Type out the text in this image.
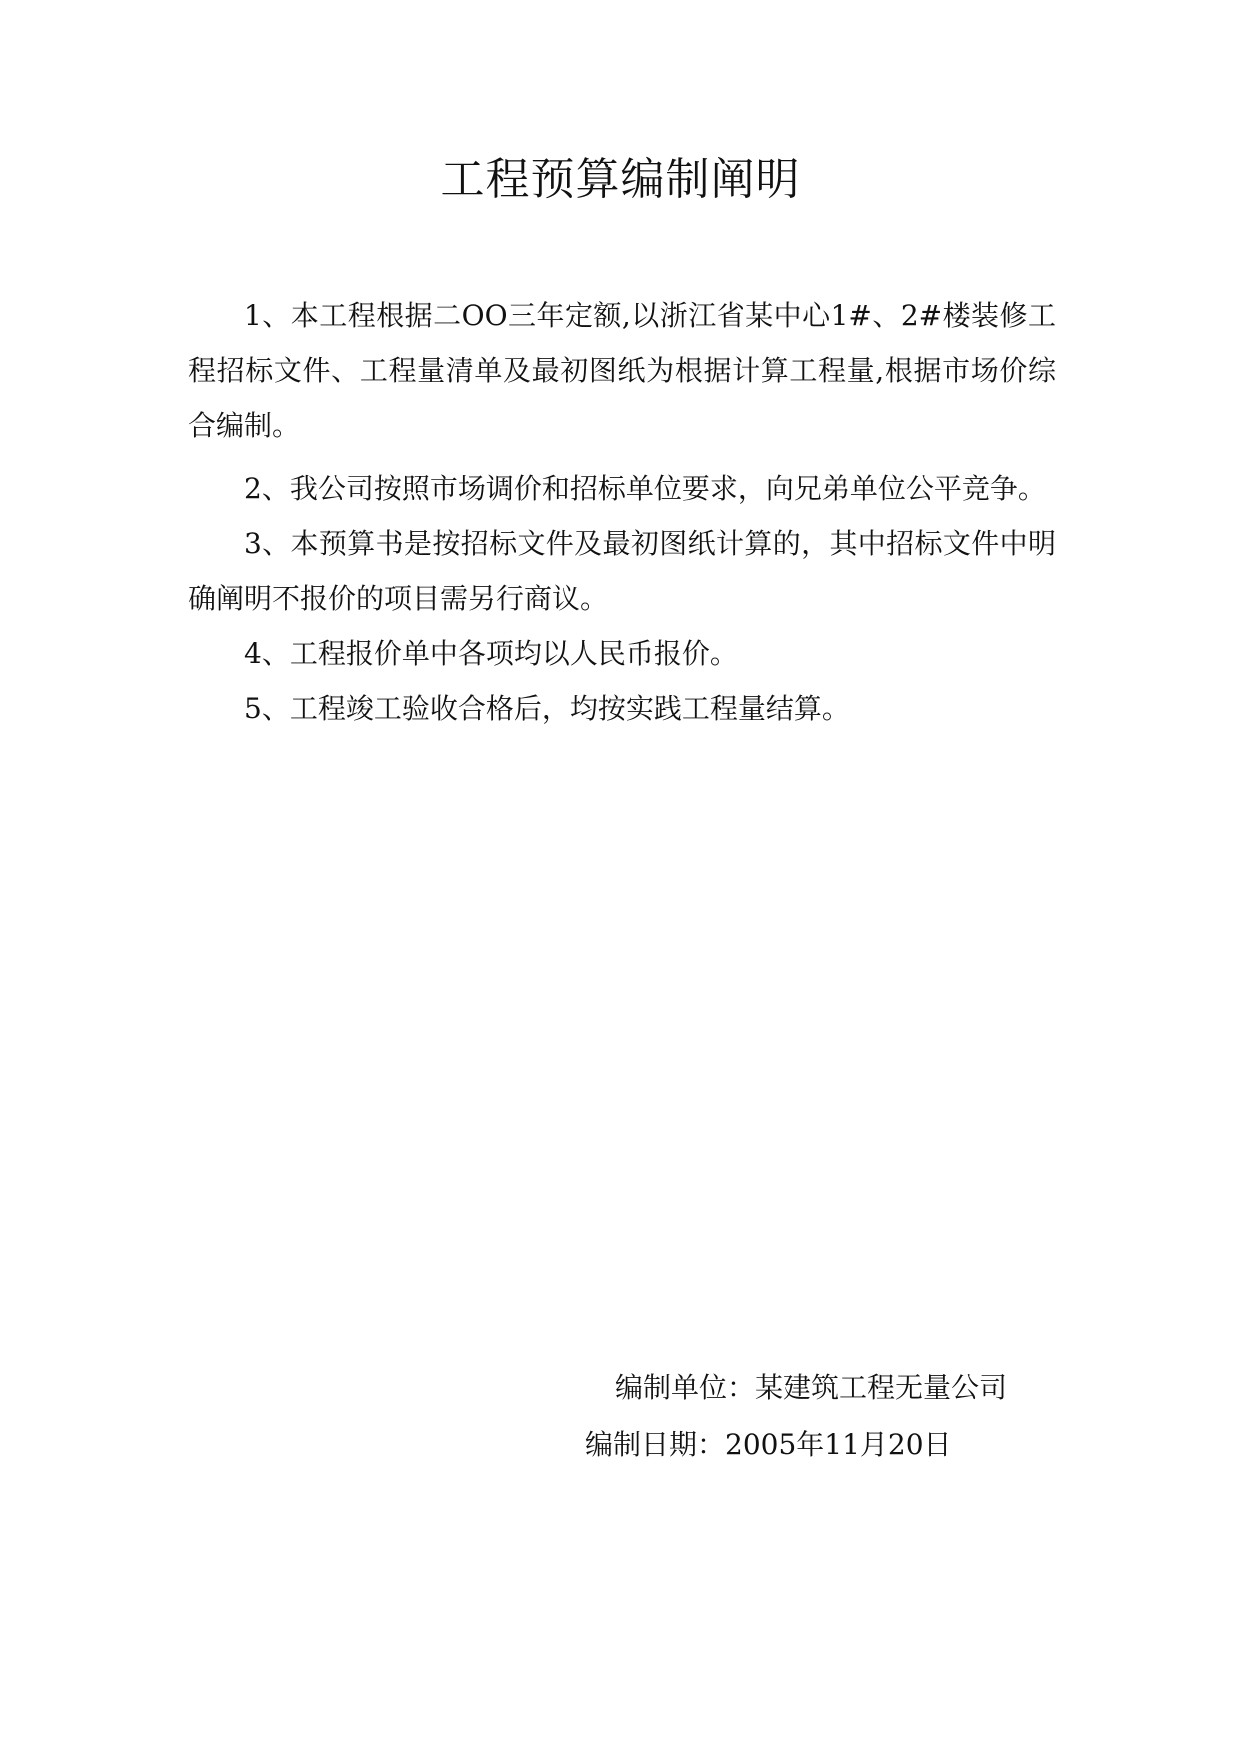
工程预算编制阐明

1、本工程根据二OO三年定额,以浙江省某中心1#、2#楼装修工程招标文件、工程量清单及最初图纸为根据计算工程量,根据市场价综合编制。

2、我公司按照市场调价和招标单位要求，向兄弟单位公平竞争。

3、本预算书是按招标文件及最初图纸计算的，其中招标文件中明确阐明不报价的项目需另行商议。

4、工程报价单中各项均以人民币报价。

5、工程竣工验收合格后，均按实践工程量结算。

编制单位：某建筑工程无量公司
编制日期：2005年11月20日
